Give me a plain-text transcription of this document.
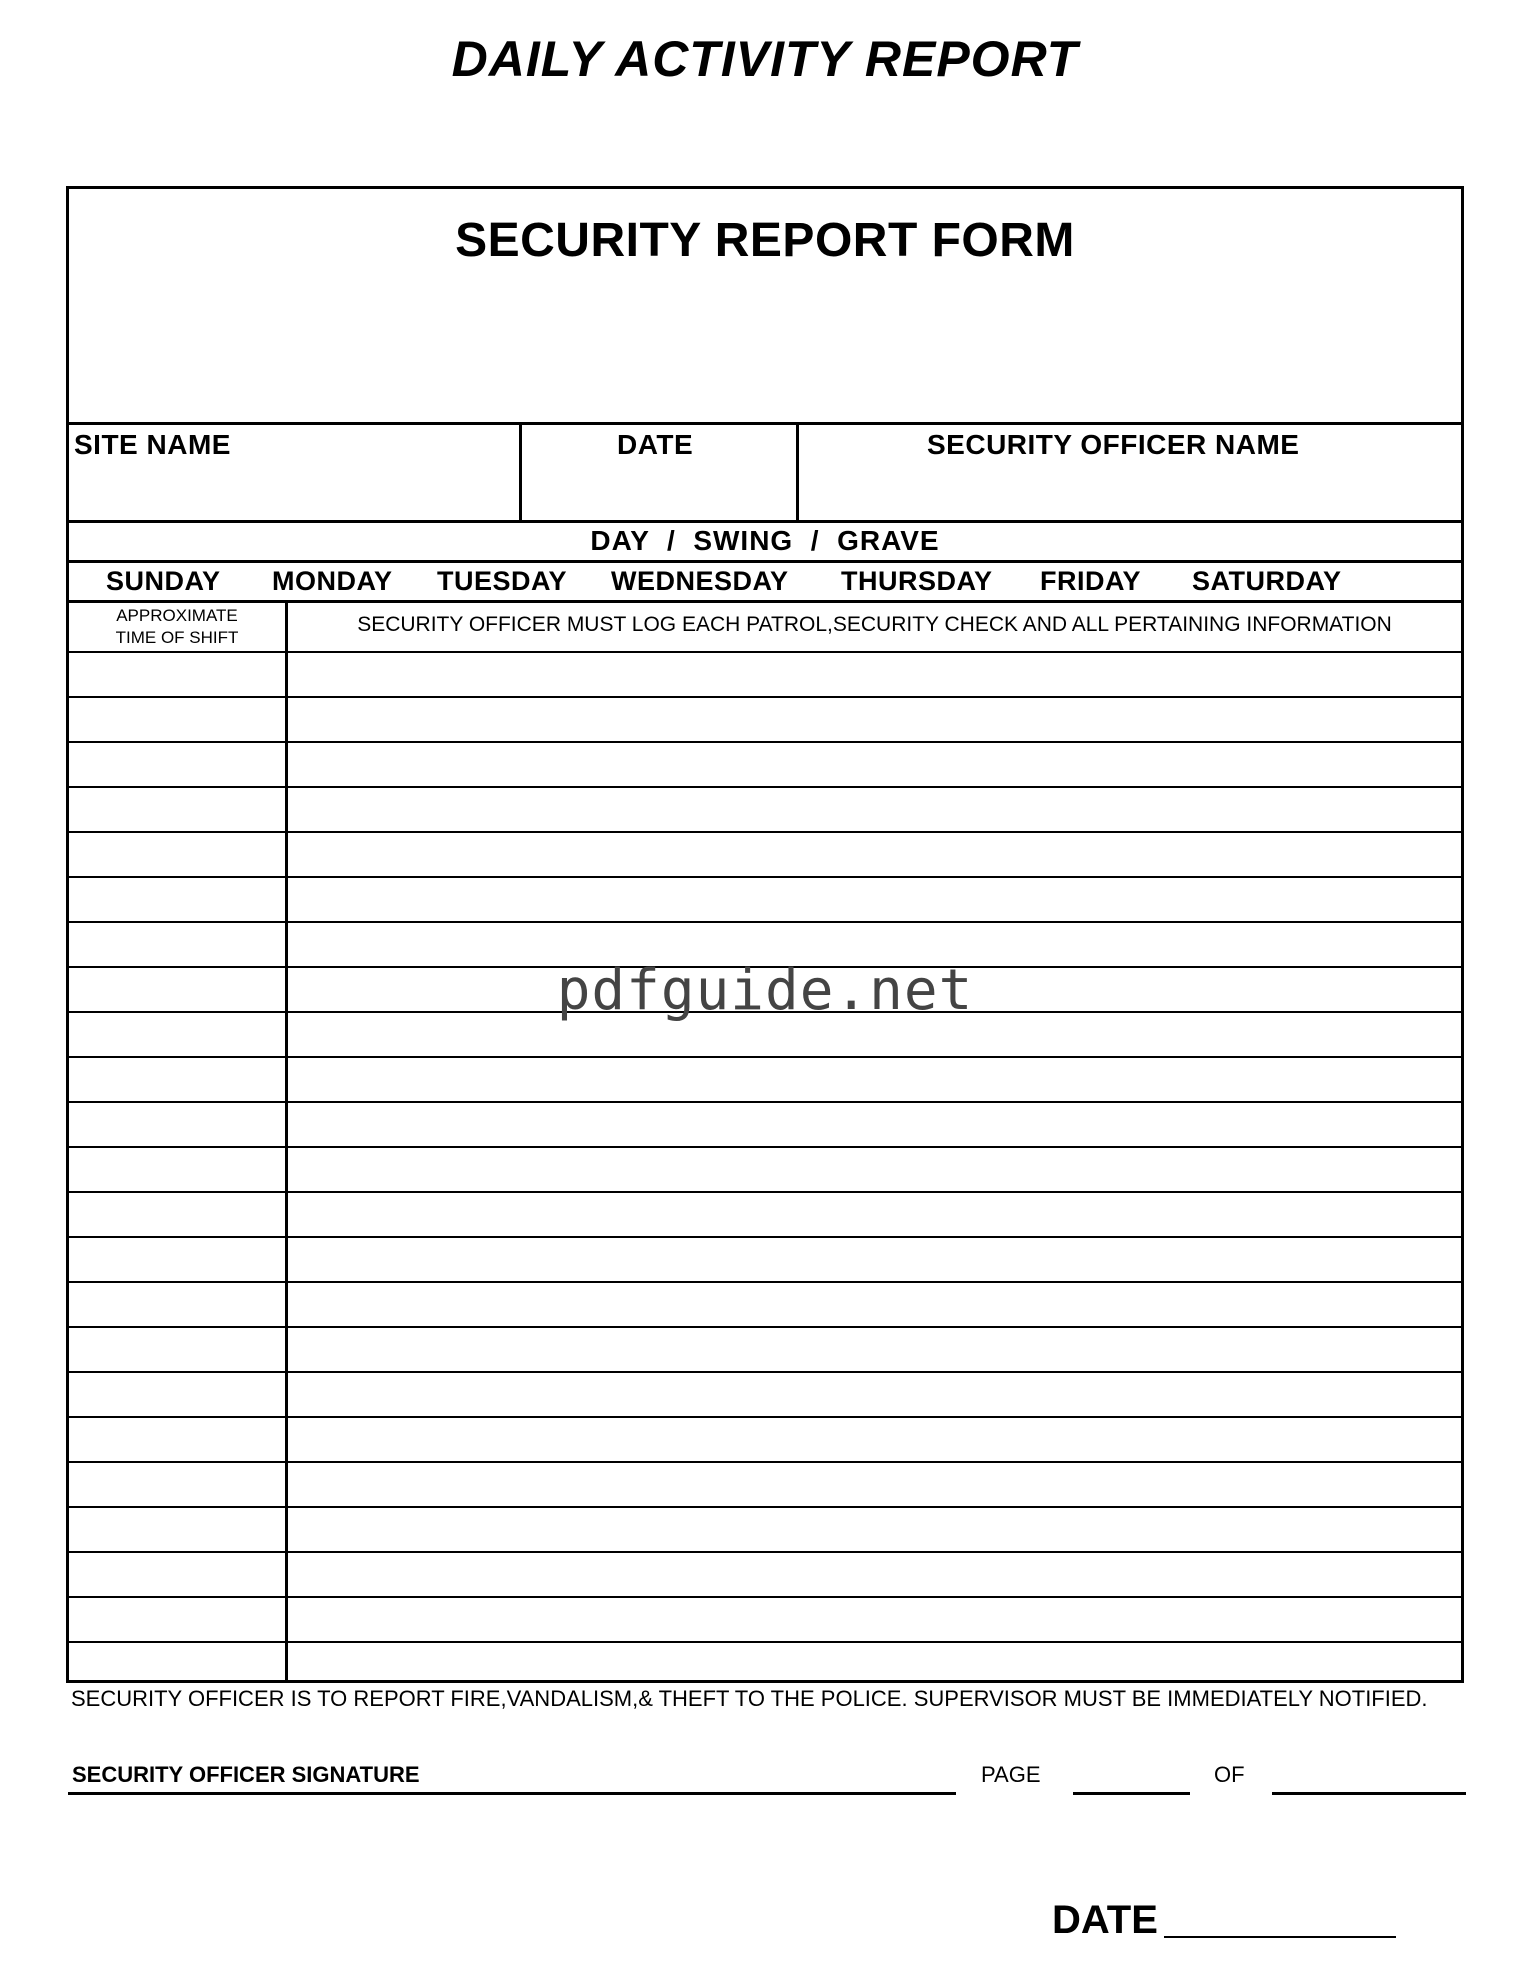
DAILY ACTIVITY REPORT
SECURITY REPORT FORM
SITE NAME	DATE	SECURITY OFFICER NAME
DAY  /  SWING  /  GRAVE
SUNDAY MONDAY TUESDAY WEDNESDAY THURSDAY FRIDAY SATURDAY
APPROXIMATE
TIME OF SHIFT
SECURITY OFFICER MUST LOG EACH PATROL,SECURITY CHECK AND ALL PERTAINING INFORMATION
pdfguide.net
SECURITY OFFICER IS TO REPORT FIRE,VANDALISM,& THEFT TO THE POLICE. SUPERVISOR MUST BE IMMEDIATELY NOTIFIED.
SECURITY OFFICER SIGNATURE	PAGE	OF
DATE
